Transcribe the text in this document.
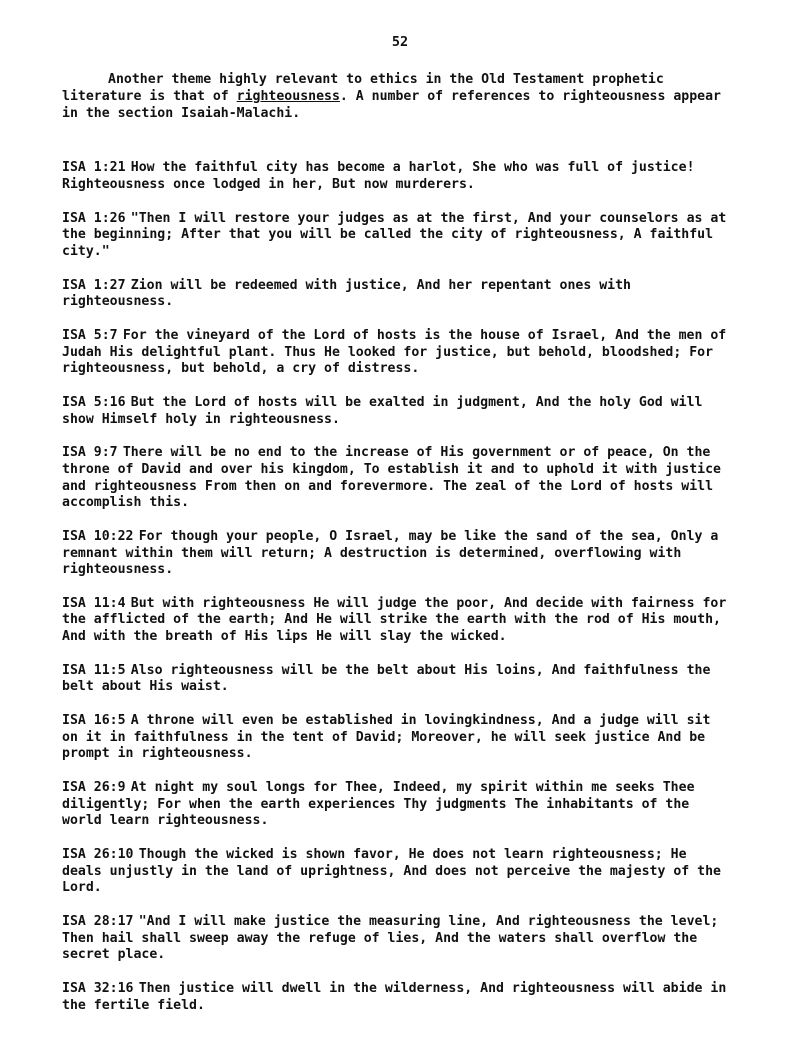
52

Another theme highly relevant to ethics in the Old Testament prophetic literature is that of righteousness. A number of references to righteousness appear in the section Isaiah-Malachi.

ISA 1:21 How the faithful city has become a harlot, She who was full of justice! Righteousness once lodged in her, But now murderers.

ISA 1:26 "Then I will restore your judges as at the first, And your counselors as at the beginning; After that you will be called the city of righteousness, A faithful city."

ISA 1:27 Zion will be redeemed with justice, And her repentant ones with righteousness.

ISA 5:7 For the vineyard of the Lord of hosts is the house of Israel, And the men of Judah His delightful plant. Thus He looked for justice, but behold, bloodshed; For righteousness, but behold, a cry of distress.

ISA 5:16 But the Lord of hosts will be exalted in judgment, And the holy God will show Himself holy in righteousness.

ISA 9:7 There will be no end to the increase of His government or of peace, On the throne of David and over his kingdom, To establish it and to uphold it with justice and righteousness From then on and forevermore. The zeal of the Lord of hosts will accomplish this.

ISA 10:22 For though your people, O Israel, may be like the sand of the sea, Only a remnant within them will return; A destruction is determined, overflowing with righteousness.

ISA 11:4 But with righteousness He will judge the poor, And decide with fairness for the afflicted of the earth; And He will strike the earth with the rod of His mouth, And with the breath of His lips He will slay the wicked.

ISA 11:5 Also righteousness will be the belt about His loins, And faithfulness the belt about His waist.

ISA 16:5 A throne will even be established in lovingkindness, And a judge will sit on it in faithfulness in the tent of David; Moreover, he will seek justice And be prompt in righteousness.

ISA 26:9 At night my soul longs for Thee, Indeed, my spirit within me seeks Thee diligently; For when the earth experiences Thy judgments The inhabitants of the world learn righteousness.

ISA 26:10 Though the wicked is shown favor, He does not learn righteousness; He deals unjustly in the land of uprightness, And does not perceive the majesty of the Lord.

ISA 28:17 "And I will make justice the measuring line, And righteousness the level; Then hail shall sweep away the refuge of lies, And the waters shall overflow the secret place.

ISA 32:16 Then justice will dwell in the wilderness, And righteousness will abide in the fertile field.
